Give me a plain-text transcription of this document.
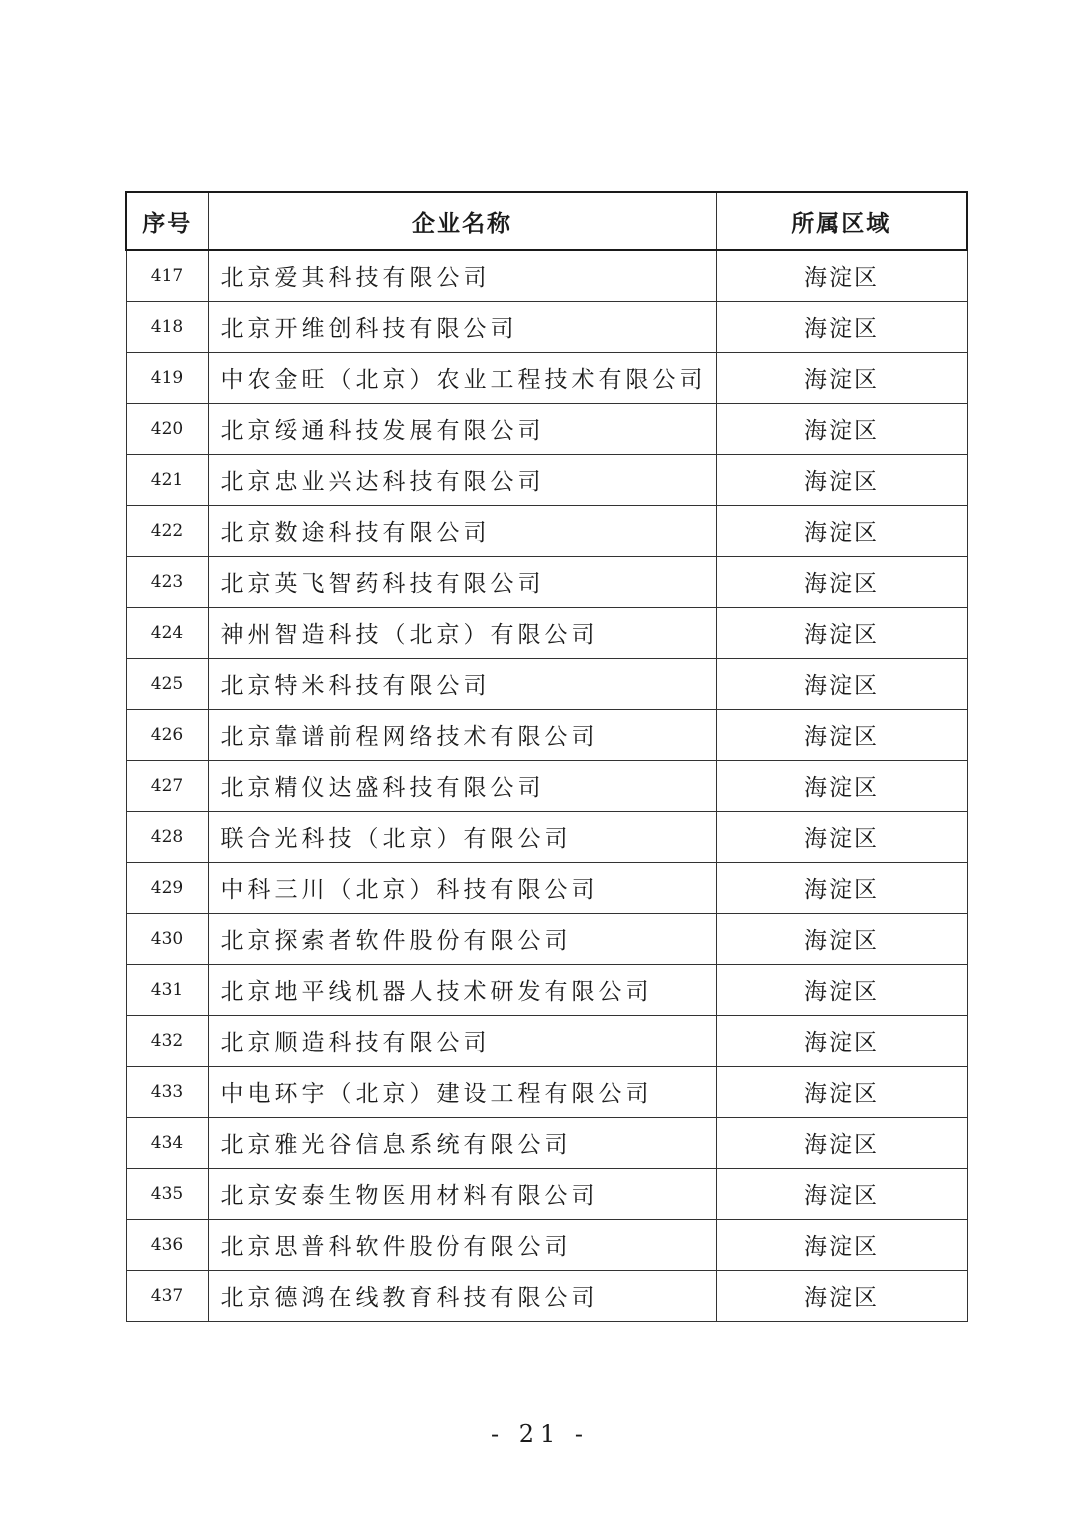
序号	企业名称	所属区域
417	北京爱其科技有限公司	海淀区
418	北京开维创科技有限公司	海淀区
419	中农金旺（北京）农业工程技术有限公司	海淀区
420	北京绥通科技发展有限公司	海淀区
421	北京忠业兴达科技有限公司	海淀区
422	北京数途科技有限公司	海淀区
423	北京英飞智药科技有限公司	海淀区
424	神州智造科技（北京）有限公司	海淀区
425	北京特米科技有限公司	海淀区
426	北京靠谱前程网络技术有限公司	海淀区
427	北京精仪达盛科技有限公司	海淀区
428	联合光科技（北京）有限公司	海淀区
429	中科三川（北京）科技有限公司	海淀区
430	北京探索者软件股份有限公司	海淀区
431	北京地平线机器人技术研发有限公司	海淀区
432	北京顺造科技有限公司	海淀区
433	中电环宇（北京）建设工程有限公司	海淀区
434	北京雅光谷信息系统有限公司	海淀区
435	北京安泰生物医用材料有限公司	海淀区
436	北京思普科软件股份有限公司	海淀区
437	北京德鸿在线教育科技有限公司	海淀区
- 21 -
